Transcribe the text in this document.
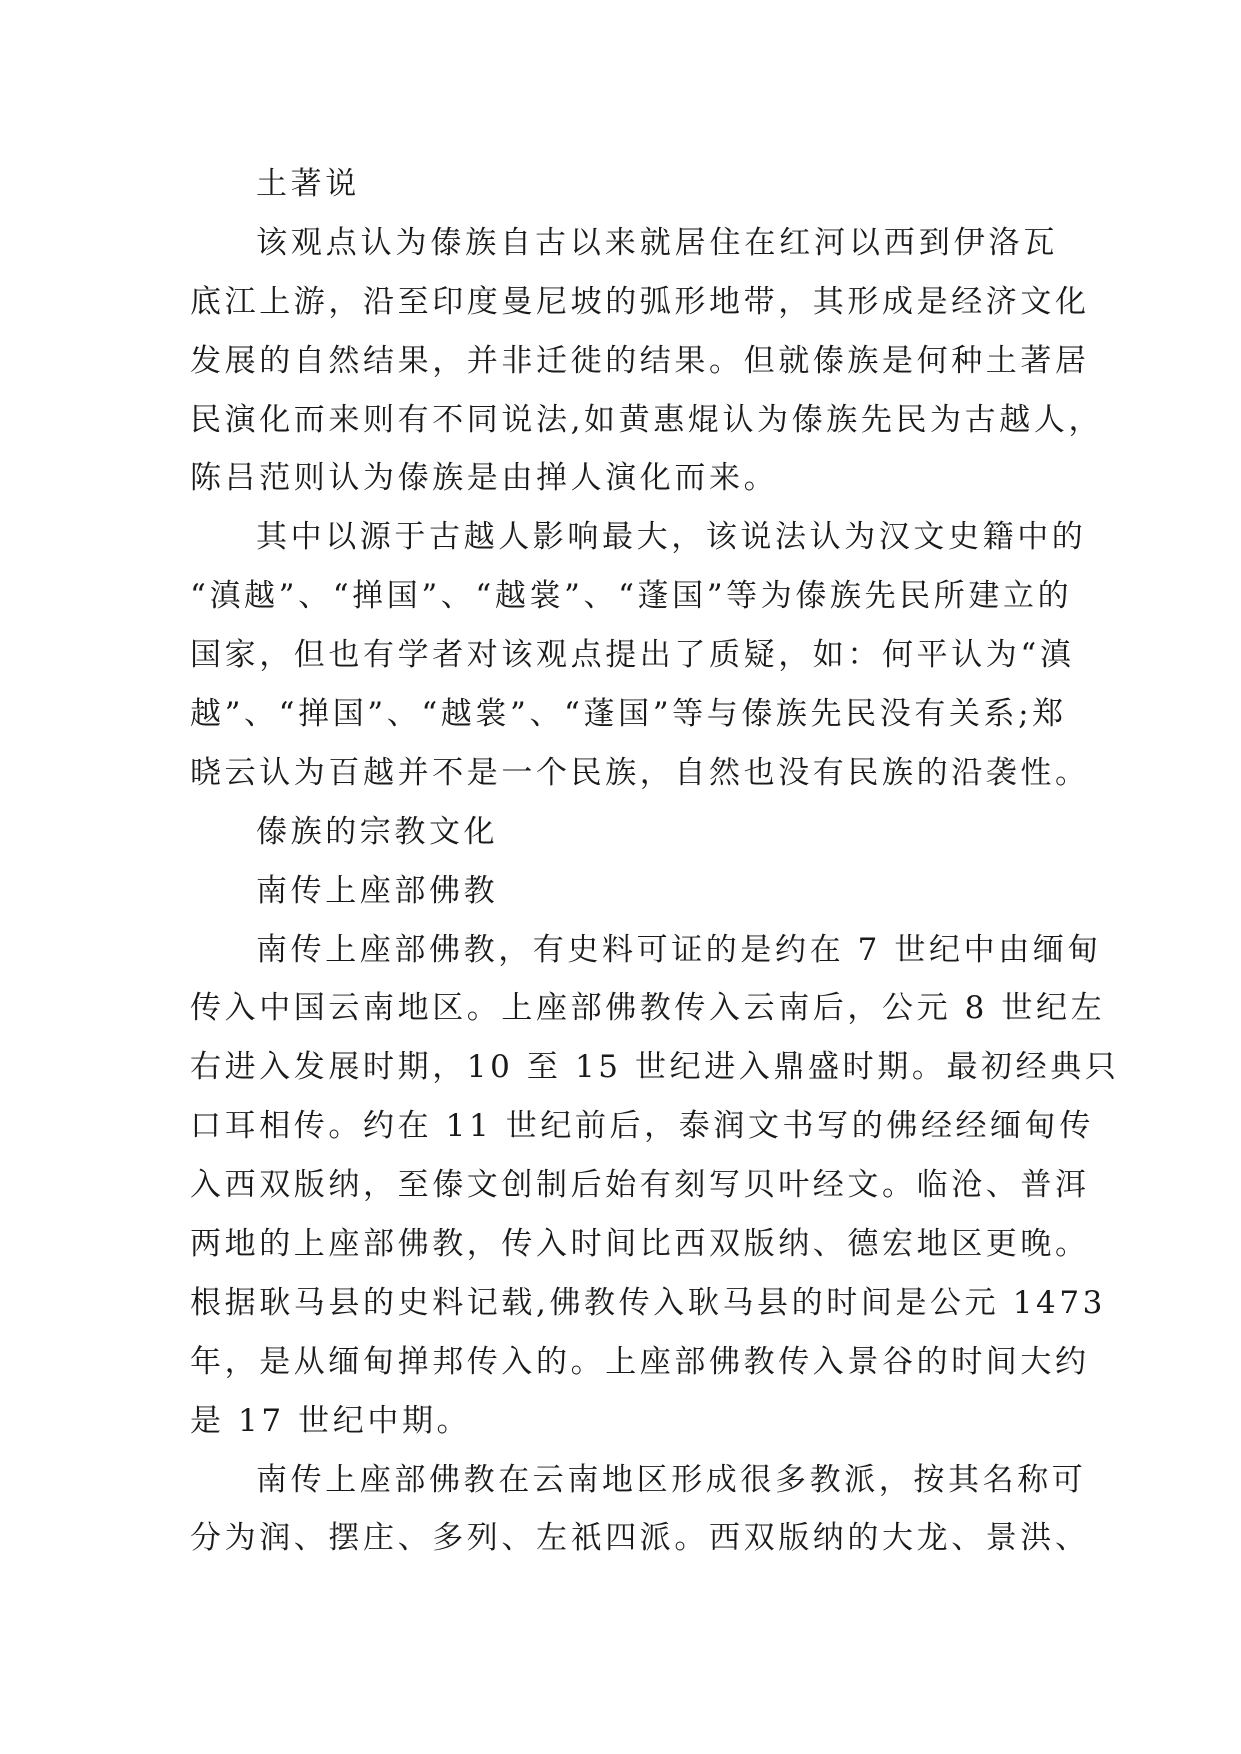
土著说
该观点认为傣族自古以来就居住在红河以西到伊洛瓦
底江上游，沿至印度曼尼坡的弧形地带，其形成是经济文化
发展的自然结果，并非迁徙的结果。但就傣族是何种土著居
民演化而来则有不同说法,如黄惠焜认为傣族先民为古越人，
陈吕范则认为傣族是由掸人演化而来。
其中以源于古越人影响最大，该说法认为汉文史籍中的
“滇越”、“掸国”、“越裳”、“蓬国”等为傣族先民所建立的
国家，但也有学者对该观点提出了质疑，如：何平认为“滇
越”、“掸国”、“越裳”、“蓬国”等与傣族先民没有关系;郑
晓云认为百越并不是一个民族，自然也没有民族的沿袭性。
傣族的宗教文化
南传上座部佛教
南传上座部佛教，有史料可证的是约在 7 世纪中由缅甸
传入中国云南地区。上座部佛教传入云南后，公元 8 世纪左
右进入发展时期，10 至 15 世纪进入鼎盛时期。最初经典只
口耳相传。约在 11 世纪前后，泰润文书写的佛经经缅甸传
入西双版纳，至傣文创制后始有刻写贝叶经文。临沧、普洱
两地的上座部佛教，传入时间比西双版纳、德宏地区更晚。
根据耿马县的史料记载,佛教传入耿马县的时间是公元 1473
年，是从缅甸掸邦传入的。上座部佛教传入景谷的时间大约
是 17 世纪中期。
南传上座部佛教在云南地区形成很多教派，按其名称可
分为润、摆庄、多列、左祇四派。西双版纳的大龙、景洪、
